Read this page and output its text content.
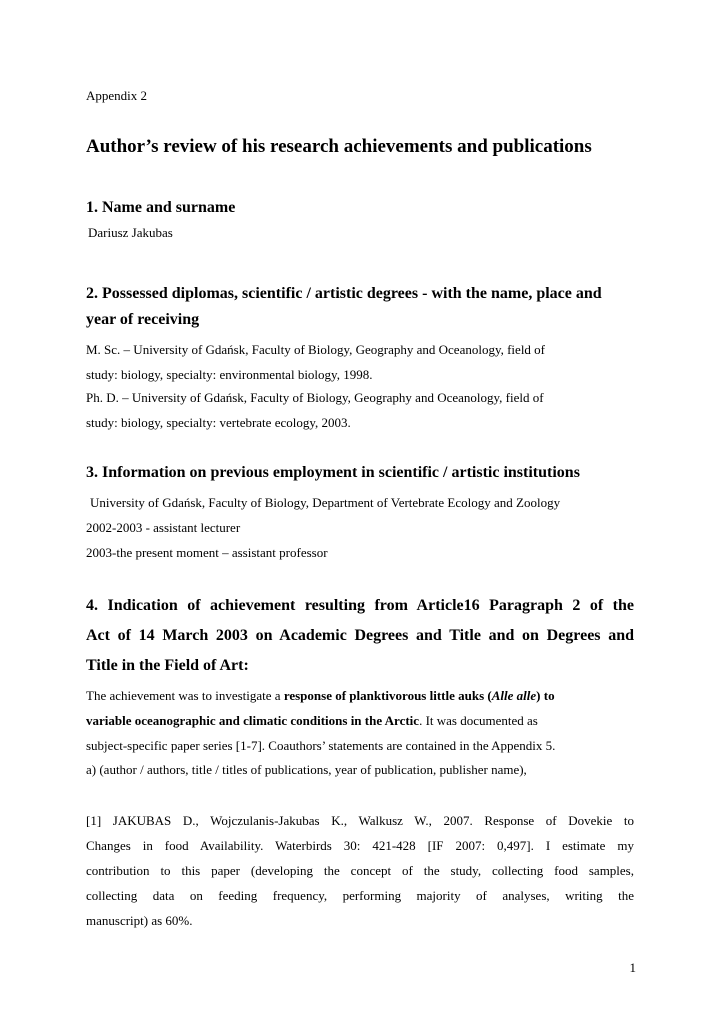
Appendix 2
Author’s review of his research achievements and publications
1. Name and surname
Dariusz Jakubas
2. Possessed diplomas, scientific / artistic degrees - with the name, place and
year of receiving
M. Sc. – University of Gdańsk, Faculty of Biology, Geography and Oceanology, field of
study: biology, specialty: environmental biology, 1998.
Ph. D. – University of Gdańsk, Faculty of Biology, Geography and Oceanology, field of
study: biology, specialty: vertebrate ecology, 2003.
3. Information on previous employment in scientific / artistic institutions
University of Gdańsk, Faculty of Biology, Department of Vertebrate Ecology and Zoology
2002-2003 - assistant lecturer
2003-the present moment – assistant professor
4. Indication of achievement resulting from Article16 Paragraph 2 of the
Act of 14 March 2003 on Academic Degrees and Title and on Degrees and
Title in the Field of Art:
The achievement was to investigate a response of planktivorous little auks (Alle alle) to
variable oceanographic and climatic conditions in the Arctic. It was documented as
subject-specific paper series [1-7]. Coauthors’ statements are contained in the Appendix 5.
a) (author / authors, title / titles of publications, year of publication, publisher name),
[1] JAKUBAS D., Wojczulanis-Jakubas K., Walkusz W., 2007. Response of Dovekie to
Changes in food Availability. Waterbirds 30: 421-428 [IF 2007: 0,497]. I estimate my
contribution to this paper (developing the concept of the study, collecting food samples,
collecting data on feeding frequency, performing majority of analyses, writing the
manuscript) as 60%.
1
